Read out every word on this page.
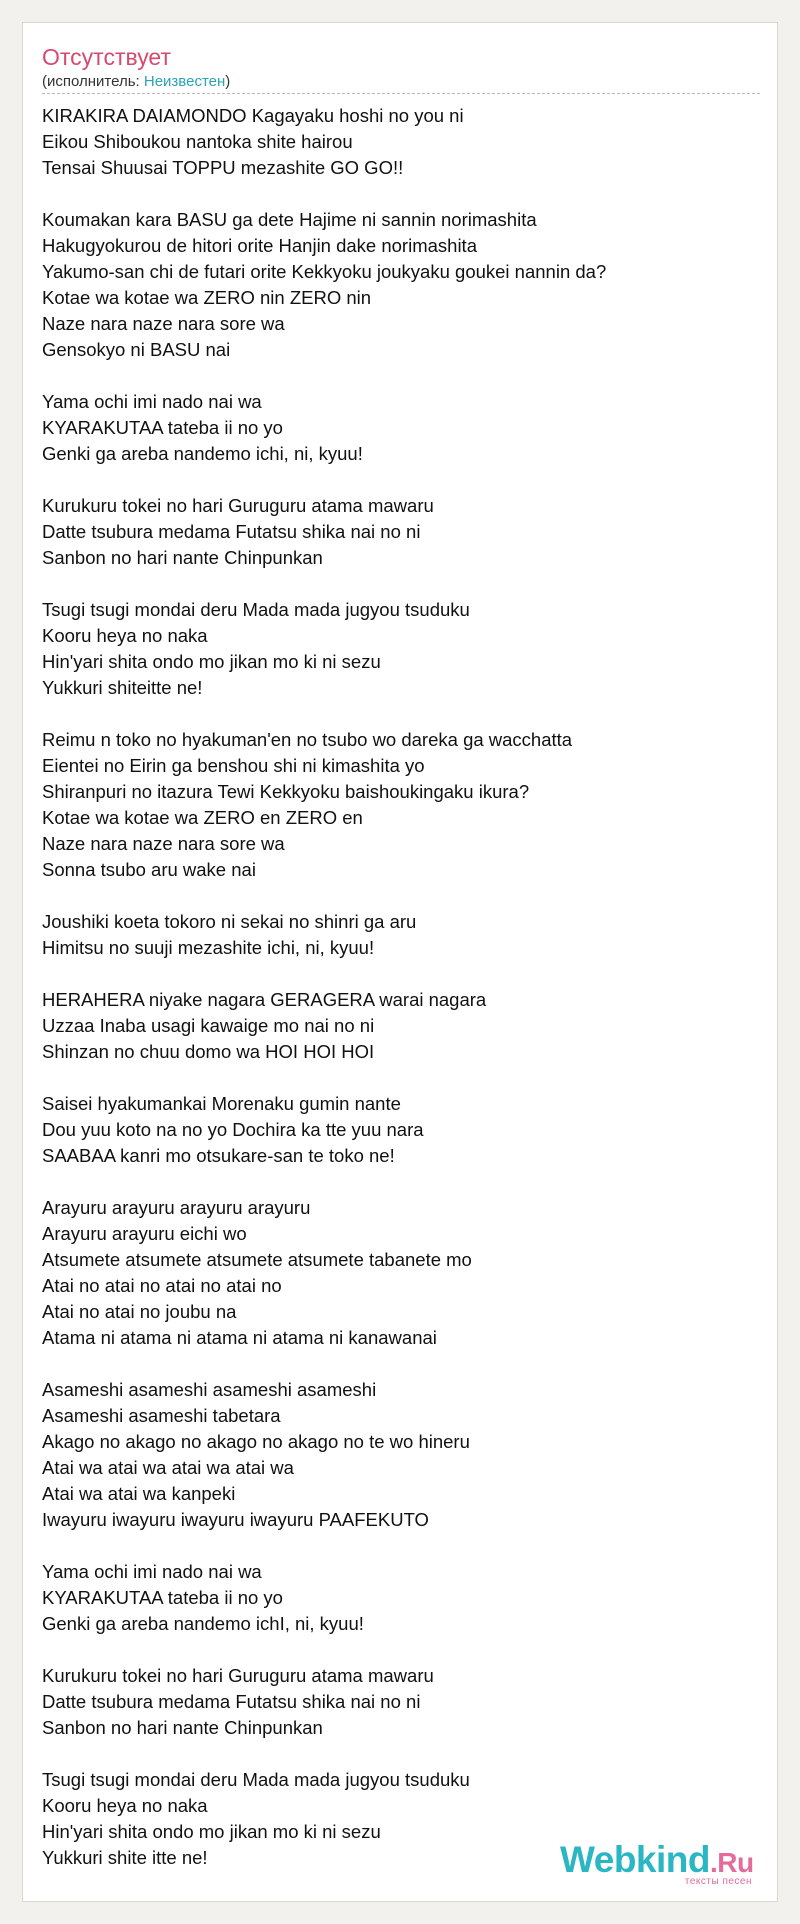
Отсутствует
(исполнитель: Неизвестен)
KIRAKIRA DAIAMONDO Kagayaku hoshi no you ni
Eikou Shiboukou nantoka shite hairou
Tensai Shuusai TOPPU mezashite GO GO!!
Koumakan kara BASU ga dete Hajime ni sannin norimashita
Hakugyokurou de hitori orite Hanjin dake norimashita
Yakumo-san chi de futari orite Kekkyoku joukyaku goukei nannin da?
Kotae wa kotae wa ZERO nin ZERO nin
Naze nara naze nara sore wa
Gensokyo ni BASU nai
Yama ochi imi nado nai wa
KYARAKUTAA tateba ii no yo
Genki ga areba nandemo ichi, ni, kyuu!
Kurukuru tokei no hari Guruguru atama mawaru
Datte tsubura medama Futatsu shika nai no ni
Sanbon no hari nante Chinpunkan
Tsugi tsugi mondai deru Mada mada jugyou tsuduku
Kooru heya no naka
Hin'yari shita ondo mo jikan mo ki ni sezu
Yukkuri shiteitte ne!
Reimu n toko no hyakuman'en no tsubo wo dareka ga wacchatta
Eientei no Eirin ga benshou shi ni kimashita yo
Shiranpuri no itazura Tewi Kekkyoku baishoukingaku ikura?
Kotae wa kotae wa ZERO en ZERO en
Naze nara naze nara sore wa
Sonna tsubo aru wake nai
Joushiki koeta tokoro ni sekai no shinri ga aru
Himitsu no suuji mezashite ichi, ni, kyuu!
HERAHERA niyake nagara GERAGERA warai nagara
Uzzaa Inaba usagi kawaige mo nai no ni
Shinzan no chuu domo wa HOI HOI HOI
Saisei hyakumankai Morenaku gumin nante
Dou yuu koto na no yo Dochira ka tte yuu nara
SAABAA kanri mo otsukare-san te toko ne!
Arayuru arayuru arayuru arayuru
Arayuru arayuru eichi wo
Atsumete atsumete atsumete atsumete tabanete mo
Atai no atai no atai no atai no
Atai no atai no joubu na
Atama ni atama ni atama ni atama ni kanawanai
Asameshi asameshi asameshi asameshi
Asameshi asameshi tabetara
Akago no akago no akago no akago no te wo hineru
Atai wa atai wa atai wa atai wa
Atai wa atai wa kanpeki
Iwayuru iwayuru iwayuru iwayuru PAAFEKUTO
Yama ochi imi nado nai wa
KYARAKUTAA tateba ii no yo
Genki ga areba nandemo ichI, ni, kyuu!
Kurukuru tokei no hari Guruguru atama mawaru
Datte tsubura medama Futatsu shika nai no ni
Sanbon no hari nante Chinpunkan
Tsugi tsugi mondai deru Mada mada jugyou tsuduku
Kooru heya no naka
Hin'yari shita ondo mo jikan mo ki ni sezu
Yukkuri shite itte ne!	Webkind.Ru
тексты песен
